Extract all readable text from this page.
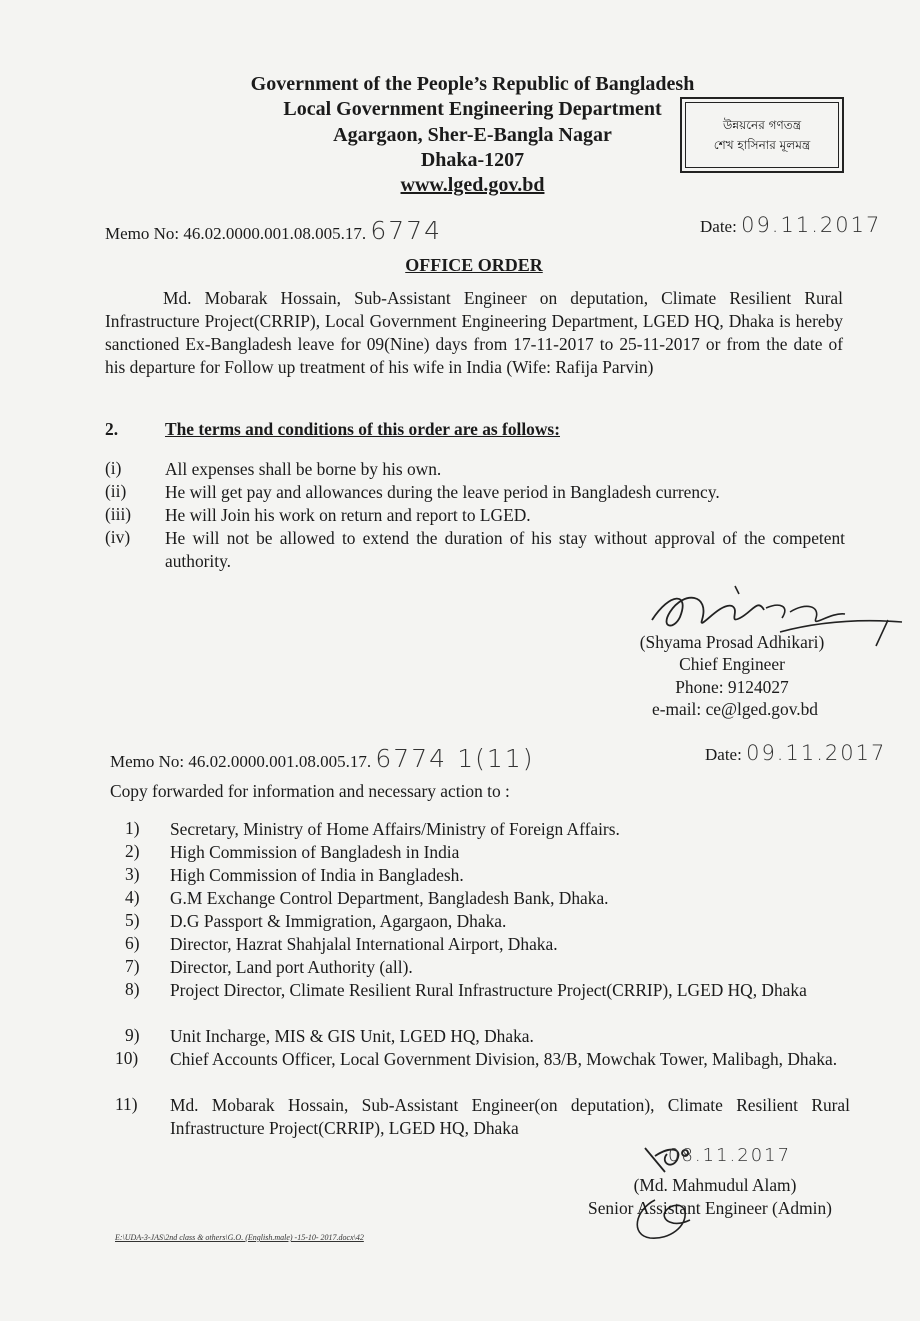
Government of the People’s Republic of Bangladesh
Local Government Engineering Department
Agargaon, Sher-E-Bangla Nagar
Dhaka-1207
www.lged.gov.bd
উন্নয়নের গণতন্ত্র
শেখ হাসিনার মূলমন্ত্র
Memo No: 46.02.0000.001.08.005.17. 6774	Date: 09.11.2017
OFFICE ORDER
Md. Mobarak Hossain, Sub-Assistant Engineer on deputation, Climate Resilient Rural Infrastructure Project(CRRIP), Local Government Engineering Department, LGED HQ, Dhaka is hereby sanctioned Ex-Bangladesh leave for 09(Nine) days from 17-11-2017 to 25-11-2017 or from the date of his departure for Follow up treatment of his wife in India (Wife: Rafija Parvin)
2.	The terms and conditions of this order are as follows:
(i)	All expenses shall be borne by his own.
(ii) He will get pay and allowances during the leave period in Bangladesh currency.
(iii) He will Join his work on return and report to LGED.
(iv) He will not be allowed to extend the duration of his stay without approval of the competent authority.
(Shyama Prosad Adhikari)
Chief Engineer
Phone: 9124027
e-mail: ce@lged.gov.bd
Memo No: 46.02.0000.001.08.005.17. 6774 1(11)	Date: 09.11.2017
Copy forwarded for information and necessary action to :
1) Secretary, Ministry of Home Affairs/Ministry of Foreign Affairs.
2) High Commission of Bangladesh in India
3) High Commission of India in Bangladesh.
4) G.M Exchange Control Department, Bangladesh Bank, Dhaka.
5) D.G Passport & Immigration, Agargaon, Dhaka.
6) Director, Hazrat Shahjalal International Airport, Dhaka.
7) Director, Land port Authority (all).
8) Project Director, Climate Resilient Rural Infrastructure Project(CRRIP), LGED HQ, Dhaka
9) Unit Incharge, MIS & GIS Unit, LGED HQ, Dhaka.
10) Chief Accounts Officer, Local Government Division, 83/B, Mowchak Tower, Malibagh, Dhaka.
11) Md. Mobarak Hossain, Sub-Assistant Engineer(on deputation), Climate Resilient Rural Infrastructure Project(CRRIP), LGED HQ, Dhaka
08.11.2017
(Md. Mahmudul Alam)
Senior Assistant Engineer (Admin)
E:\UDA-3-JAS\2nd class & others\G.O. (English.male) -15-10- 2017.docx\42
